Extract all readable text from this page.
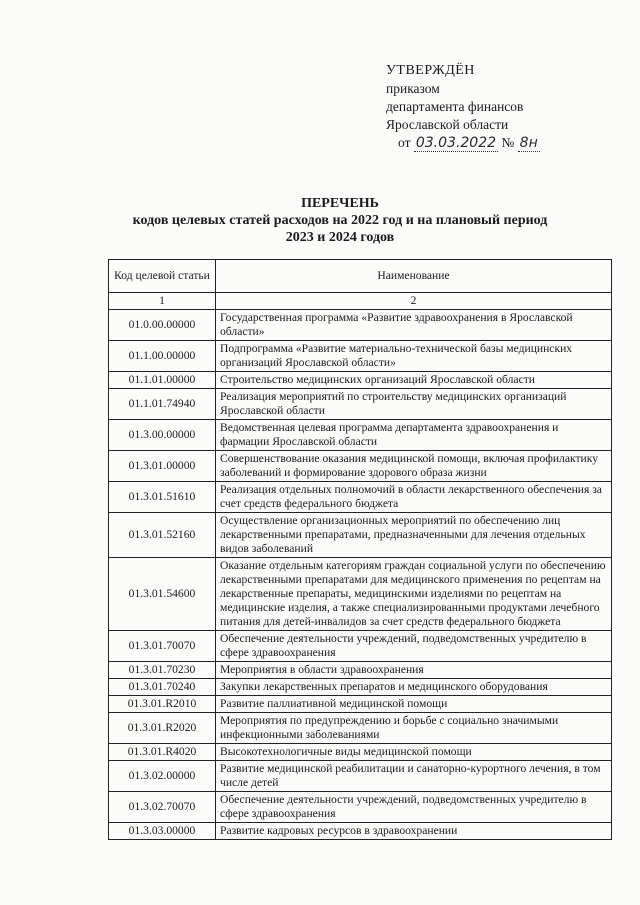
УТВЕРЖДЁН
приказом
департамента финансов
Ярославской области
от 03.03.2022 № 8н
ПЕРЕЧЕНЬ
кодов целевых статей расходов на 2022 год и на плановый период
2023 и 2024 годов
Код целевой статьи	Наименование
1	2
01.0.00.00000	Государственная программа «Развитие здравоохранения в Ярославской области»
01.1.00.00000	Подпрограмма «Развитие материально-технической базы медицинских организаций Ярославской области»
01.1.01.00000	Строительство медицинских организаций Ярославской области
01.1.01.74940	Реализация мероприятий по строительству медицинских организаций Ярославской области
01.3.00.00000	Ведомственная целевая программа департамента здравоохранения и фармации Ярославской области
01.3.01.00000	Совершенствование оказания медицинской помощи, включая профилактику заболеваний и формирование здорового образа жизни
01.3.01.51610	Реализация отдельных полномочий в области лекарственного обеспечения за счет средств федерального бюджета
01.3.01.52160	Осуществление организационных мероприятий по обеспечению лиц лекарственными препаратами, предназначенными для лечения отдельных видов заболеваний
01.3.01.54600	Оказание отдельным категориям граждан социальной услуги по обеспечению лекарственными препаратами для медицинского применения по рецептам на лекарственные препараты, медицинскими изделиями по рецептам на медицинские изделия, а также специализированными продуктами лечебного питания для детей-инвалидов за счет средств федерального бюджета
01.3.01.70070	Обеспечение деятельности учреждений, подведомственных учредителю в сфере здравоохранения
01.3.01.70230	Мероприятия в области здравоохранения
01.3.01.70240	Закупки лекарственных препаратов и медицинского оборудования
01.3.01.R2010	Развитие паллиативной медицинской помощи
01.3.01.R2020	Мероприятия по предупреждению и борьбе с социально значимыми инфекционными заболеваниями
01.3.01.R4020	Высокотехнологичные виды медицинской помощи
01.3.02.00000	Развитие медицинской реабилитации и санаторно-курортного лечения, в том числе детей
01.3.02.70070	Обеспечение деятельности учреждений, подведомственных учредителю в сфере здравоохранения
01.3.03.00000	Развитие кадровых ресурсов в здравоохранении
